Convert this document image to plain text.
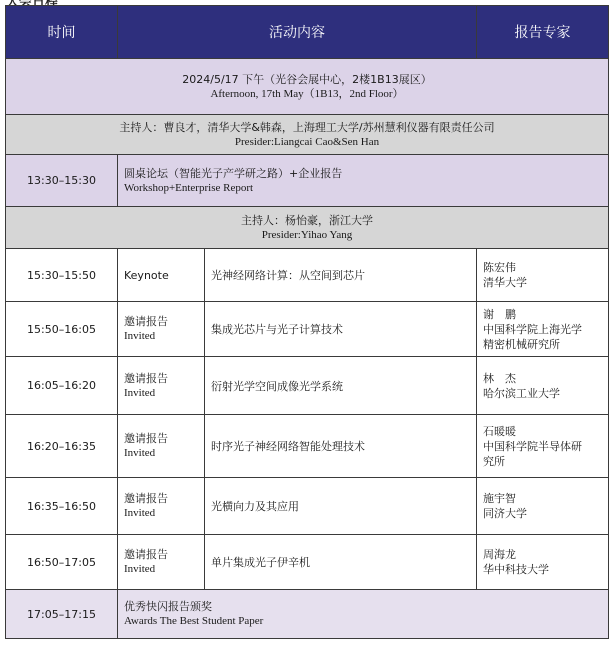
时间	活动内容		报告专家

2024/5/17 下午（光谷会展中心，2楼1B13展区）
Afternoon, 17th May（1B13，2nd Floor）			

主持人：曹良才，清华大学&韩森，上海理工大学/苏州慧利仪器有限责任公司
Presider:Liangcai Cao&Sen Han			

13:30–15:30	圆桌论坛（智能光子产学研之路）+企业报告
Workshop+Enterprise Report		

主持人：杨怡豪，浙江大学
Presider:Yihao Yang			

15:30–15:50	Keynote	光神经网络计算：从空间到芯片	陈宏伟
清华大学

15:50–16:05	邀请报告
Invited	集成光芯片与光子计算技术	谢　鹏
中国科学院上海光学
精密机械研究所

16:05–16:20	邀请报告
Invited	衍射光学空间成像光学系统	林　杰
哈尔滨工业大学

16:20–16:35	邀请报告
Invited	时序光子神经网络智能处理技术	石暖暖
中国科学院半导体研
究所

16:35–16:50	邀请报告
Invited	光横向力及其应用	施宇智
同济大学

16:50–17:05	邀请报告
Invited	单片集成光子伊辛机	周海龙
华中科技大学

17:05–17:15	优秀快闪报告颁奖
Awards The Best Student Paper		
